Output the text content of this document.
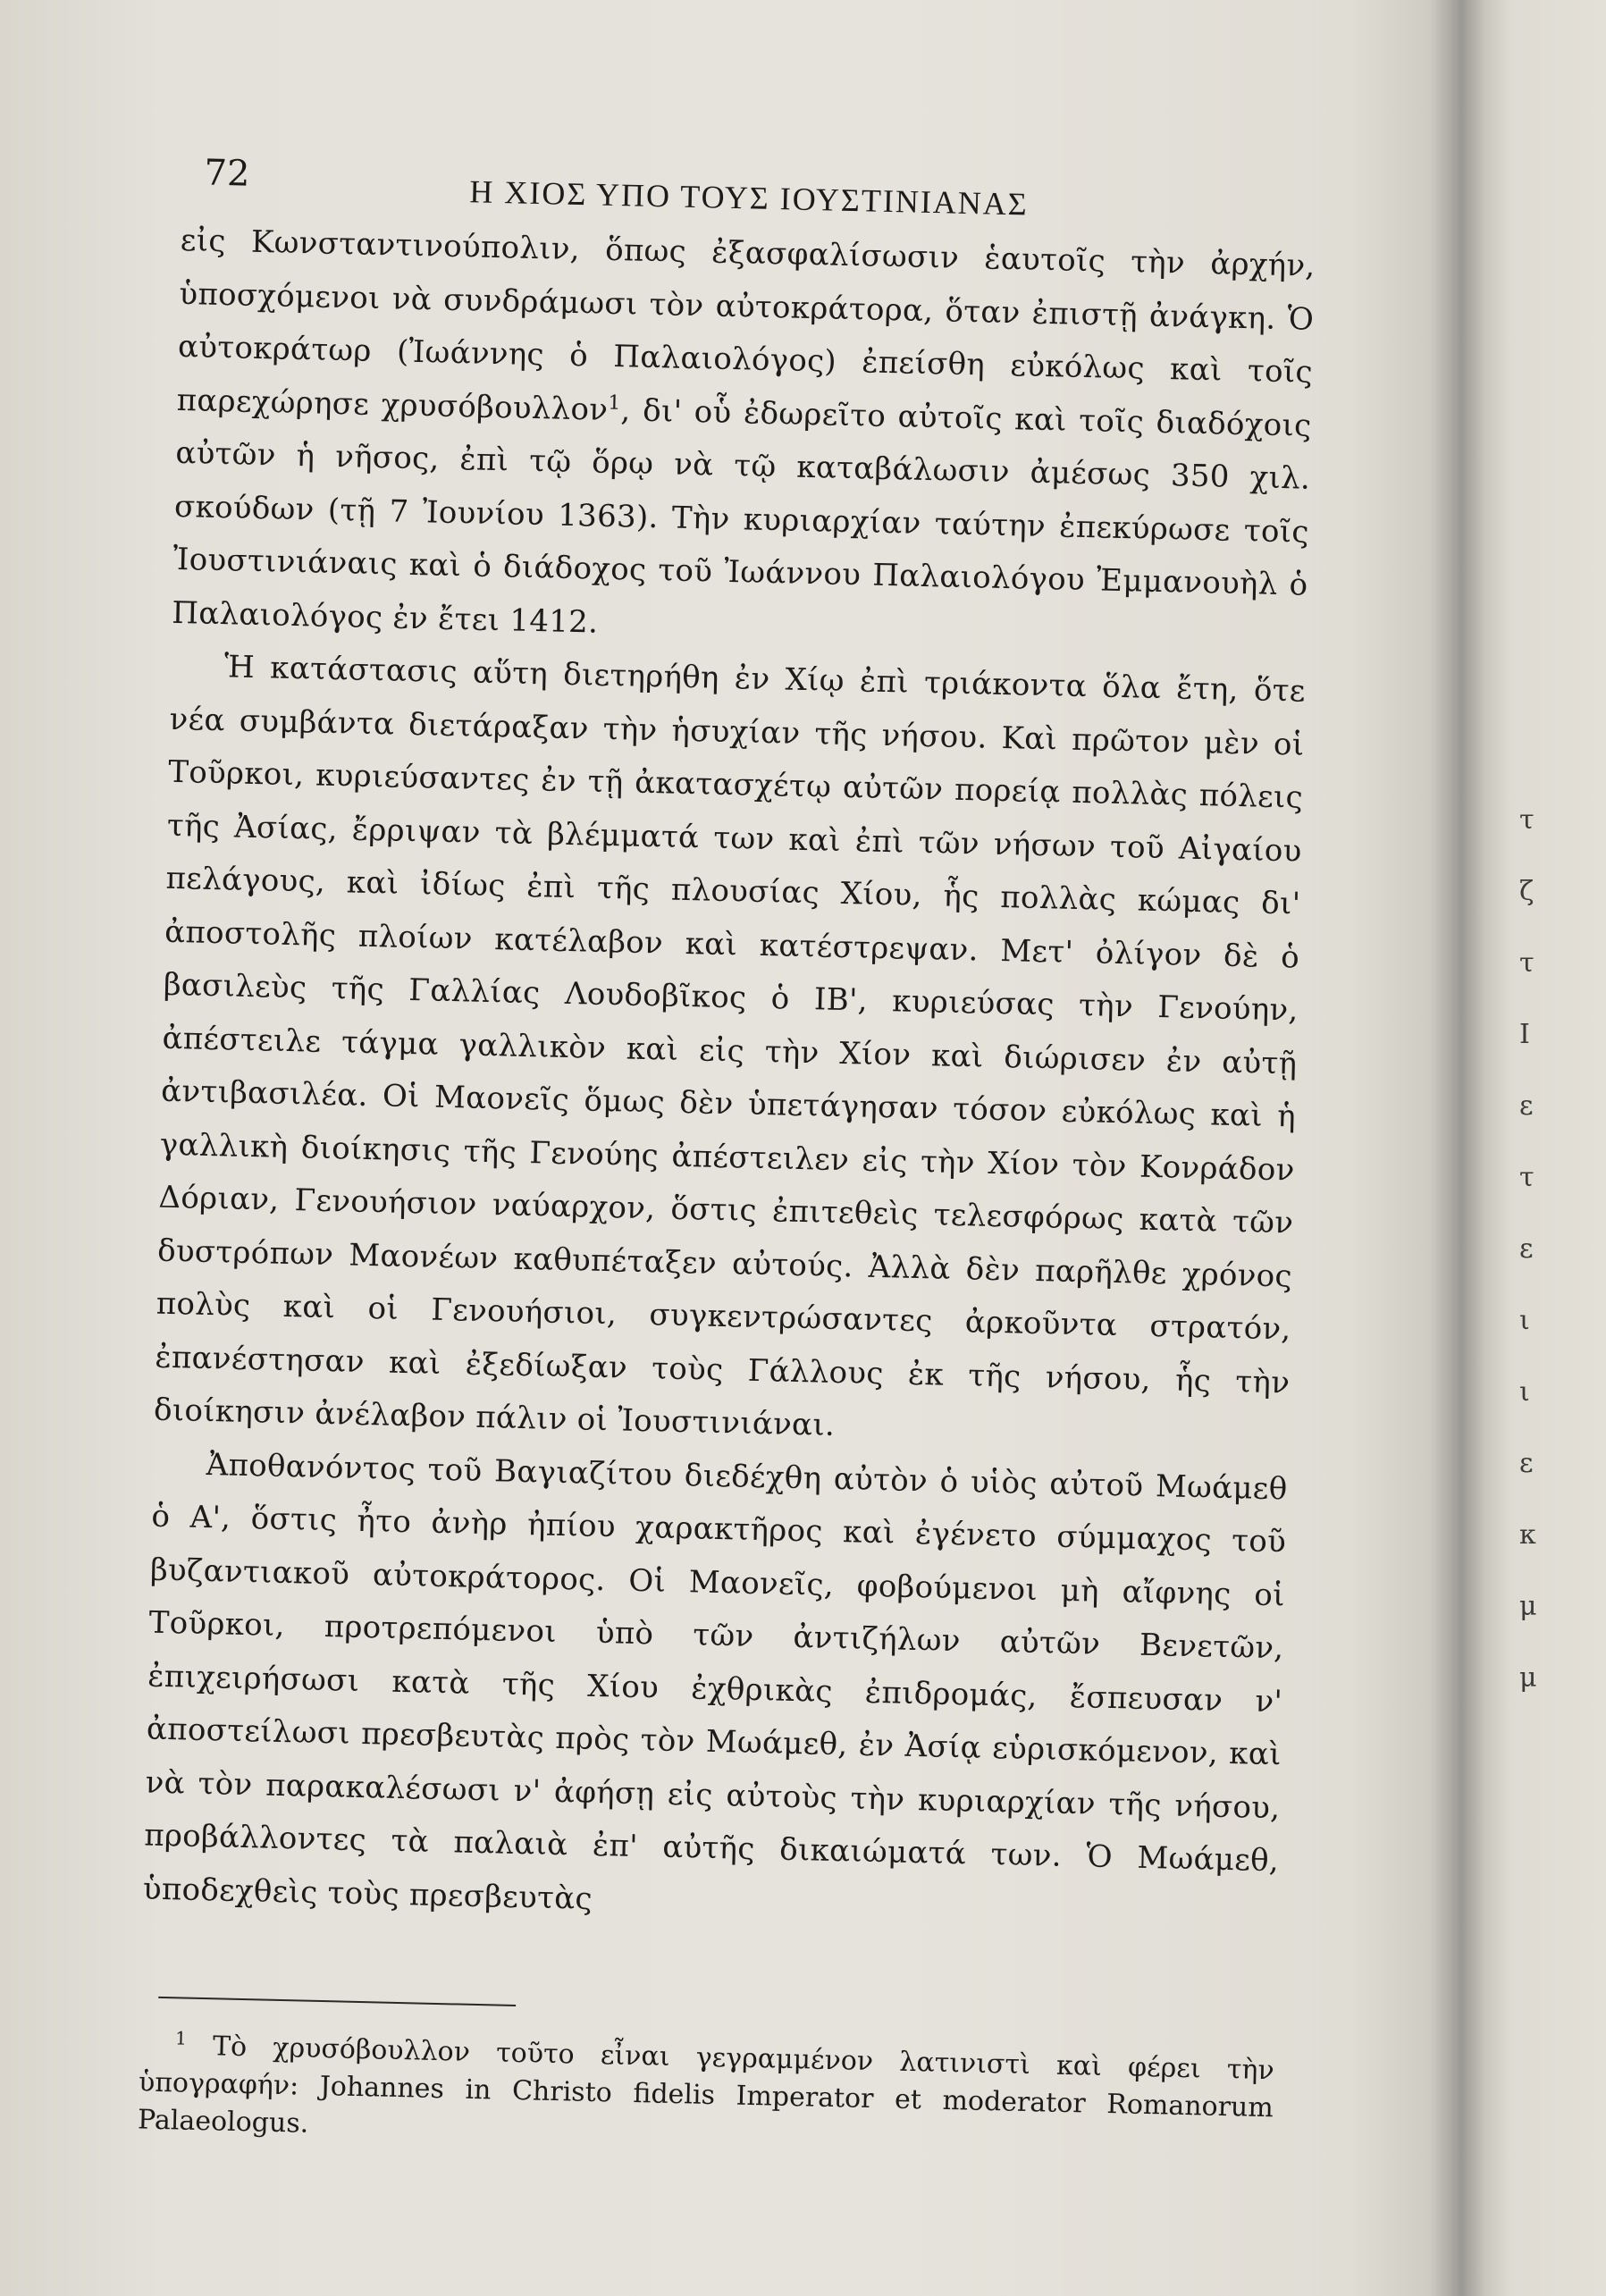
72
Η ΧΙΟΣ ΥΠΟ ΤΟΥΣ ΙΟΥΣΤΙΝΙΑΝΑΣ

εἰς Κωνσταντινούπολιν, ὅπως ἐξασφαλίσωσιν ἑαυτοῖς τὴν ἀρχήν, ὑποσχόμενοι νὰ συνδράμωσι τὸν αὐτοκράτορα, ὅταν ἐπιστῇ ἀνάγκη. Ὁ αὐτοκράτωρ (Ἰωάννης ὁ Παλαιολόγος) ἐπείσθη εὐκόλως καὶ τοῖς παρεχώρησε χρυσόβουλλον$^1$, δι' οὗ ἐδωρεῖτο αὐτοῖς καὶ τοῖς διαδόχοις αὐτῶν ἡ νῆσος, ἐπὶ τῷ ὅρῳ νὰ τῷ καταβάλωσιν ἀμέσως 350 χιλ. σκούδων (τῇ 7 Ἰουνίου 1363). Τὴν κυριαρχίαν ταύτην ἐπεκύρωσε τοῖς Ἰουστινιάναις καὶ ὁ διάδοχος τοῦ Ἰωάννου Παλαιολόγου Ἐμμανουὴλ ὁ Παλαιολόγος ἐν ἔτει 1412.

Ἡ κατάστασις αὕτη διετηρήθη ἐν Χίῳ ἐπὶ τριάκοντα ὅλα ἔτη, ὅτε νέα συμβάντα διετάραξαν τὴν ἡσυχίαν τῆς νήσου. Καὶ πρῶτον μὲν οἱ Τοῦρκοι, κυριεύσαντες ἐν τῇ ἀκατασχέτῳ αὐτῶν πορείᾳ πολλὰς πόλεις τῆς Ἀσίας, ἔρριψαν τὰ βλέμματά των καὶ ἐπὶ τῶν νήσων τοῦ Αἰγαίου πελάγους, καὶ ἰδίως ἐπὶ τῆς πλουσίας Χίου, ἧς πολλὰς κώμας δι' ἀποστολῆς πλοίων κατέλαβον καὶ κατέστρεψαν. Μετ' ὀλίγον δὲ ὁ βασιλεὺς τῆς Γαλλίας Λουδοβῖκος ὁ ΙΒ', κυριεύσας τὴν Γενούην, ἀπέστειλε τάγμα γαλλικὸν καὶ εἰς τὴν Χίον καὶ διώρισεν ἐν αὐτῇ ἀντιβασιλέα. Οἱ Μαονεῖς ὅμως δὲν ὑπετάγησαν τόσον εὐκόλως καὶ ἡ γαλλικὴ διοίκησις τῆς Γενούης ἀπέστειλεν εἰς τὴν Χίον τὸν Κονράδον Δόριαν, Γενουήσιον ναύαρχον, ὅστις ἐπιτεθεὶς τελεσφόρως κατὰ τῶν δυστρόπων Μαονέων καθυπέταξεν αὐτούς. Ἀλλὰ δὲν παρῆλθε χρόνος πολὺς καὶ οἱ Γενουήσιοι, συγκεντρώσαντες ἀρκοῦντα στρατόν, ἐπανέστησαν καὶ ἐξεδίωξαν τοὺς Γάλλους ἐκ τῆς νήσου, ἧς τὴν διοίκησιν ἀνέλαβον πάλιν οἱ Ἰουστινιάναι.

Ἀποθανόντος τοῦ Βαγιαζίτου διεδέχθη αὐτὸν ὁ υἱὸς αὐτοῦ Μωάμεθ ὁ Α', ὅστις ἦτο ἀνὴρ ἠπίου χαρακτῆρος καὶ ἐγένετο σύμμαχος τοῦ βυζαντιακοῦ αὐτοκράτορος. Οἱ Μαονεῖς, φοβούμενοι μὴ αἴφνης οἱ Τοῦρκοι, προτρεπόμενοι ὑπὸ τῶν ἀντιζήλων αὐτῶν Βενετῶν, ἐπιχειρήσωσι κατὰ τῆς Χίου ἐχθρικὰς ἐπιδρομάς, ἔσπευσαν ν' ἀποστείλωσι πρεσβευτὰς πρὸς τὸν Μωάμεθ, ἐν Ἀσίᾳ εὑρισκόμενον, καὶ νὰ τὸν παρακαλέσωσι ν' ἀφήσῃ εἰς αὐτοὺς τὴν κυριαρχίαν τῆς νήσου, προβάλλοντες τὰ παλαιὰ ἐπ' αὐτῆς δικαιώματά των. Ὁ Μωάμεθ, ὑποδεχθεὶς τοὺς πρεσβευτὰς

$^1$ Τὸ χρυσόβουλλον τοῦτο εἶναι γεγραμμένον λατινιστὶ καὶ φέρει τὴν ὑπογραφήν: Johannes in Christo fidelis Imperator et moderator Romanorum Palaeologus.
τ
ζ
τ
Ι
ε
τ
ε
ι
ι
ε
κ
μ
μ
